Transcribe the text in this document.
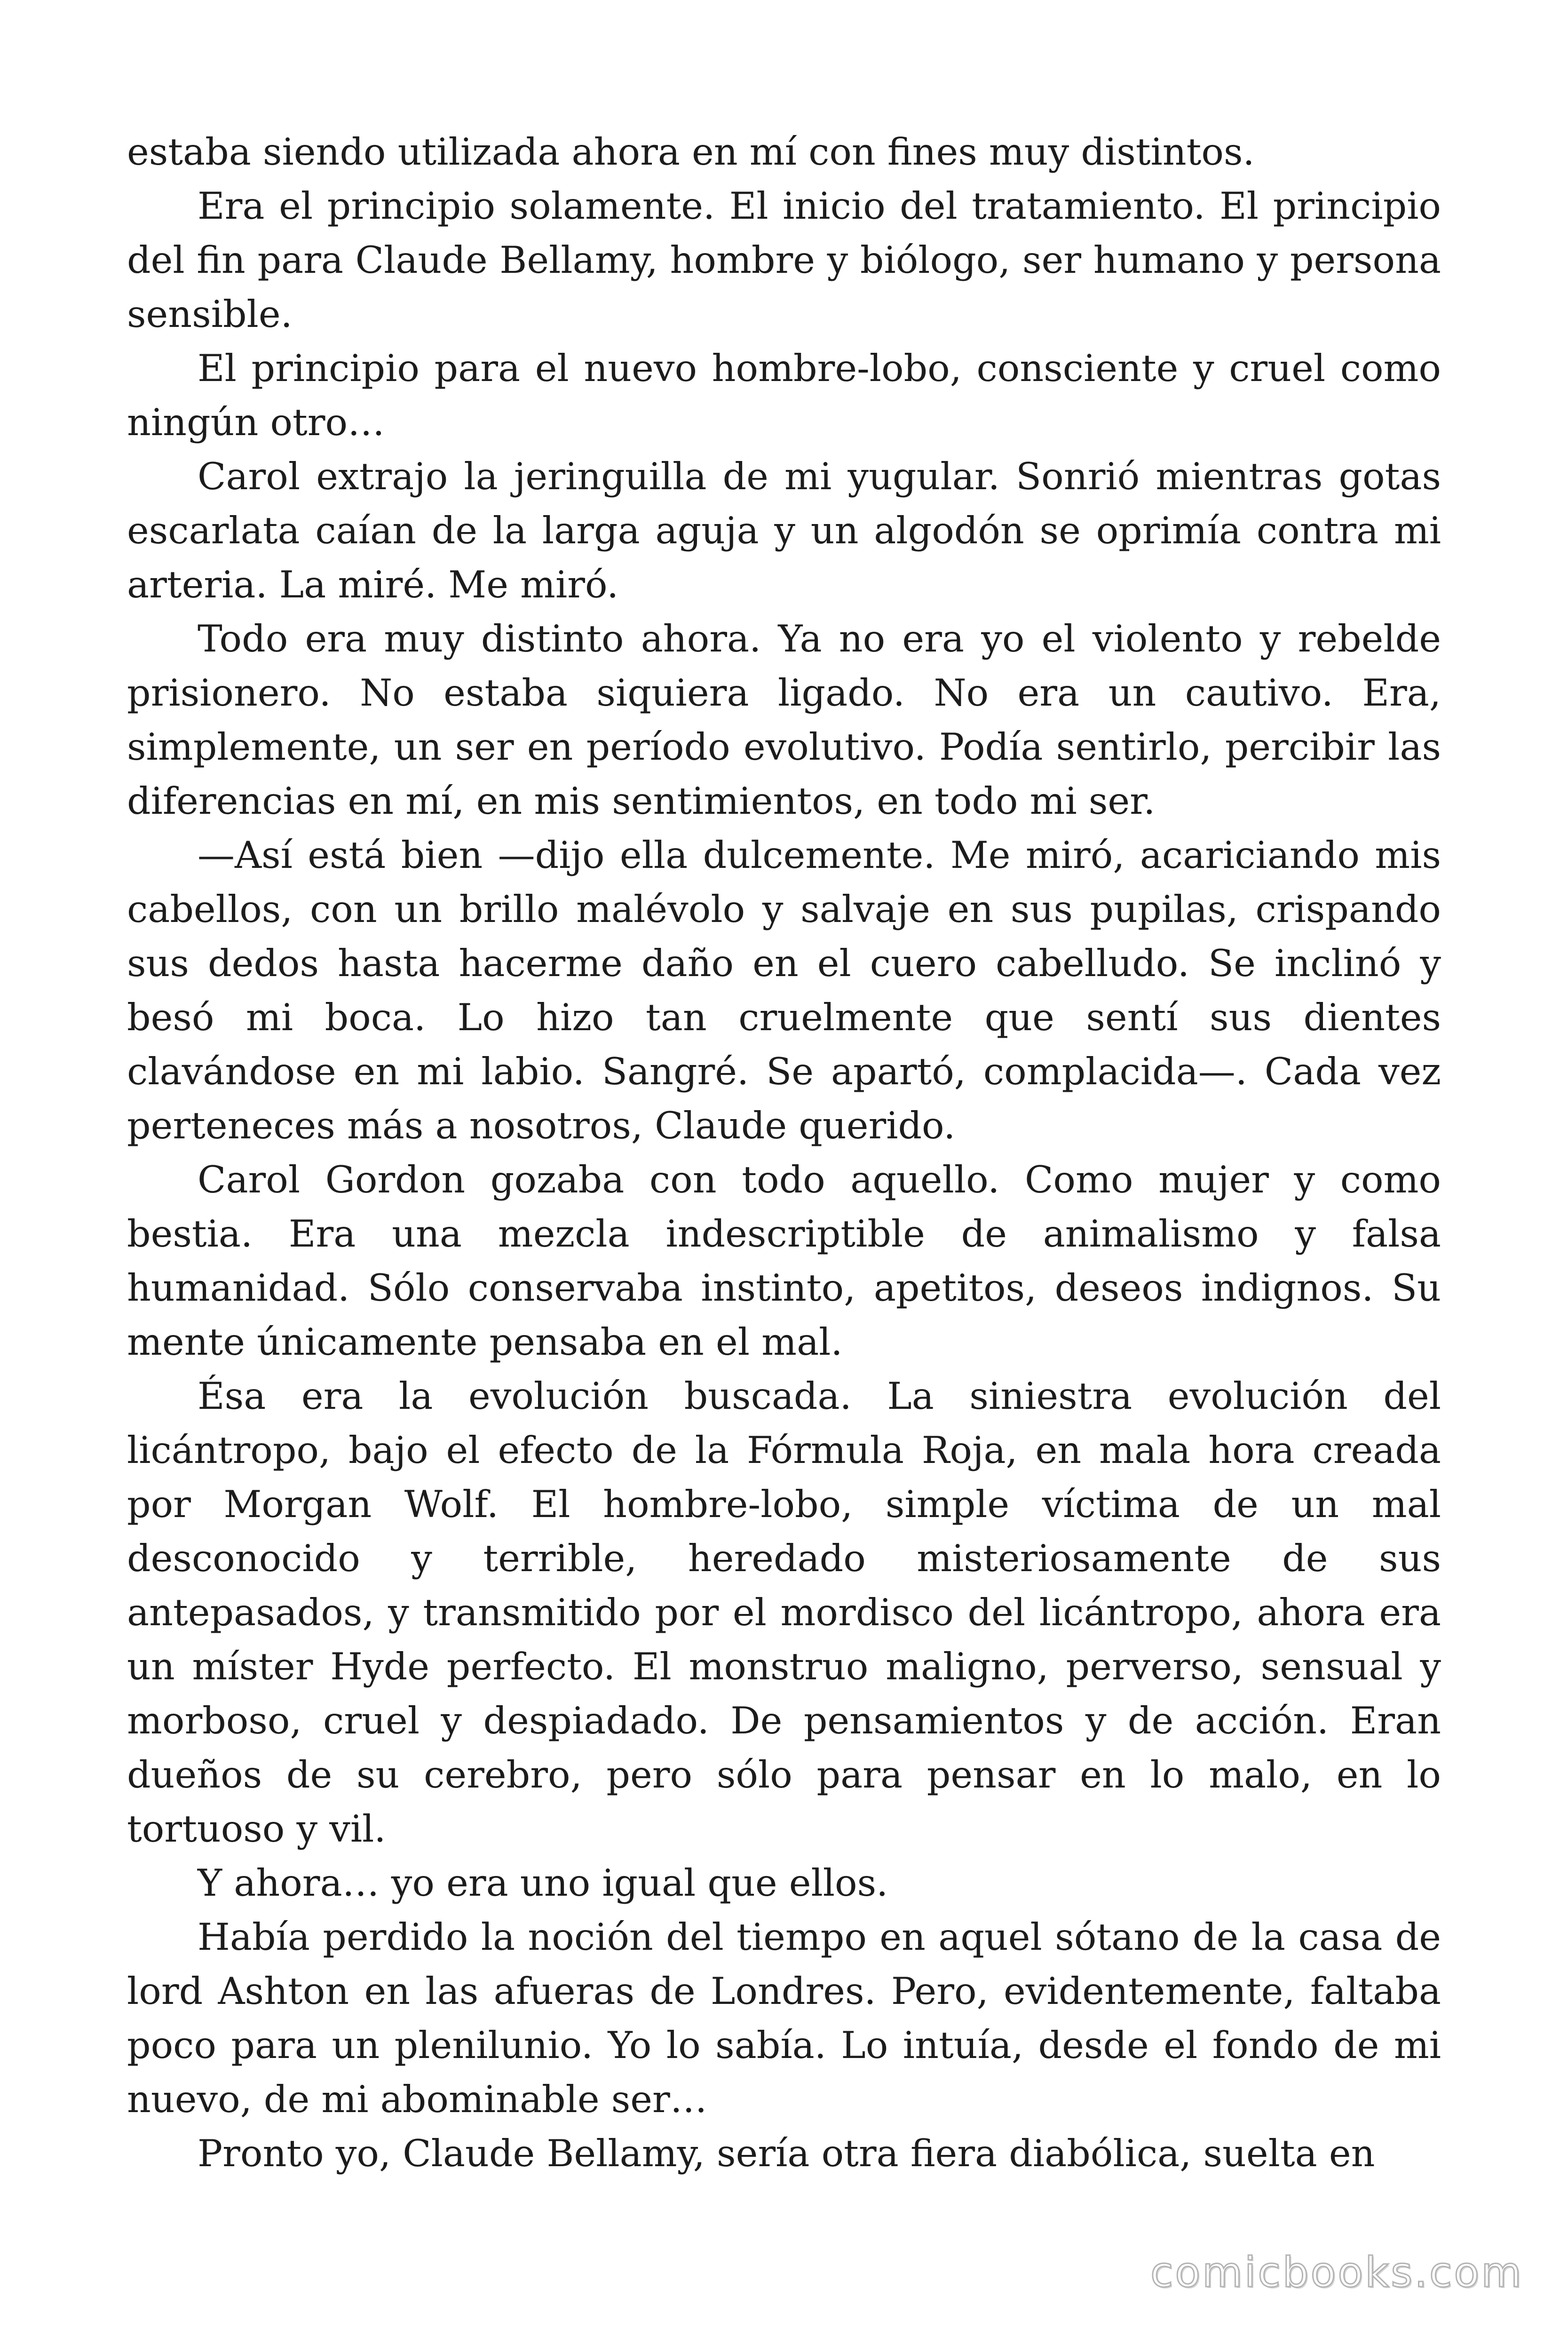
estaba siendo utilizada ahora en mí con fines muy distintos.

Era el principio solamente. El inicio del tratamiento. El principio del fin para Claude Bellamy, hombre y biólogo, ser humano y persona sensible.

El principio para el nuevo hombre-lobo, consciente y cruel como ningún otro…

Carol extrajo la jeringuilla de mi yugular. Sonrió mientras gotas escarlata caían de la larga aguja y un algodón se oprimía contra mi arteria. La miré. Me miró.

Todo era muy distinto ahora. Ya no era yo el violento y rebelde prisionero. No estaba siquiera ligado. No era un cautivo. Era, simplemente, un ser en período evolutivo. Podía sentirlo, percibir las diferencias en mí, en mis sentimientos, en todo mi ser.

—Así está bien —dijo ella dulcemente. Me miró, acariciando mis cabellos, con un brillo malévolo y salvaje en sus pupilas, crispando sus dedos hasta hacerme daño en el cuero cabelludo. Se inclinó y besó mi boca. Lo hizo tan cruelmente que sentí sus dientes clavándose en mi labio. Sangré. Se apartó, complacida—. Cada vez perteneces más a nosotros, Claude querido.

Carol Gordon gozaba con todo aquello. Como mujer y como bestia. Era una mezcla indescriptible de animalismo y falsa humanidad. Sólo conservaba instinto, apetitos, deseos indignos. Su mente únicamente pensaba en el mal.

Ésa era la evolución buscada. La siniestra evolución del licántropo, bajo el efecto de la Fórmula Roja, en mala hora creada por Morgan Wolf. El hombre-lobo, simple víctima de un mal desconocido y terrible, heredado misteriosamente de sus antepasados, y transmitido por el mordisco del licántropo, ahora era un míster Hyde perfecto. El monstruo maligno, perverso, sensual y morboso, cruel y despiadado. De pensamientos y de acción. Eran dueños de su cerebro, pero sólo para pensar en lo malo, en lo tortuoso y vil.

Y ahora… yo era uno igual que ellos.

Había perdido la noción del tiempo en aquel sótano de la casa de lord Ashton en las afueras de Londres. Pero, evidentemente, faltaba poco para un plenilunio. Yo lo sabía. Lo intuía, desde el fondo de mi nuevo, de mi abominable ser…

Pronto yo, Claude Bellamy, sería otra fiera diabólica, suelta en

comicbooks.com
